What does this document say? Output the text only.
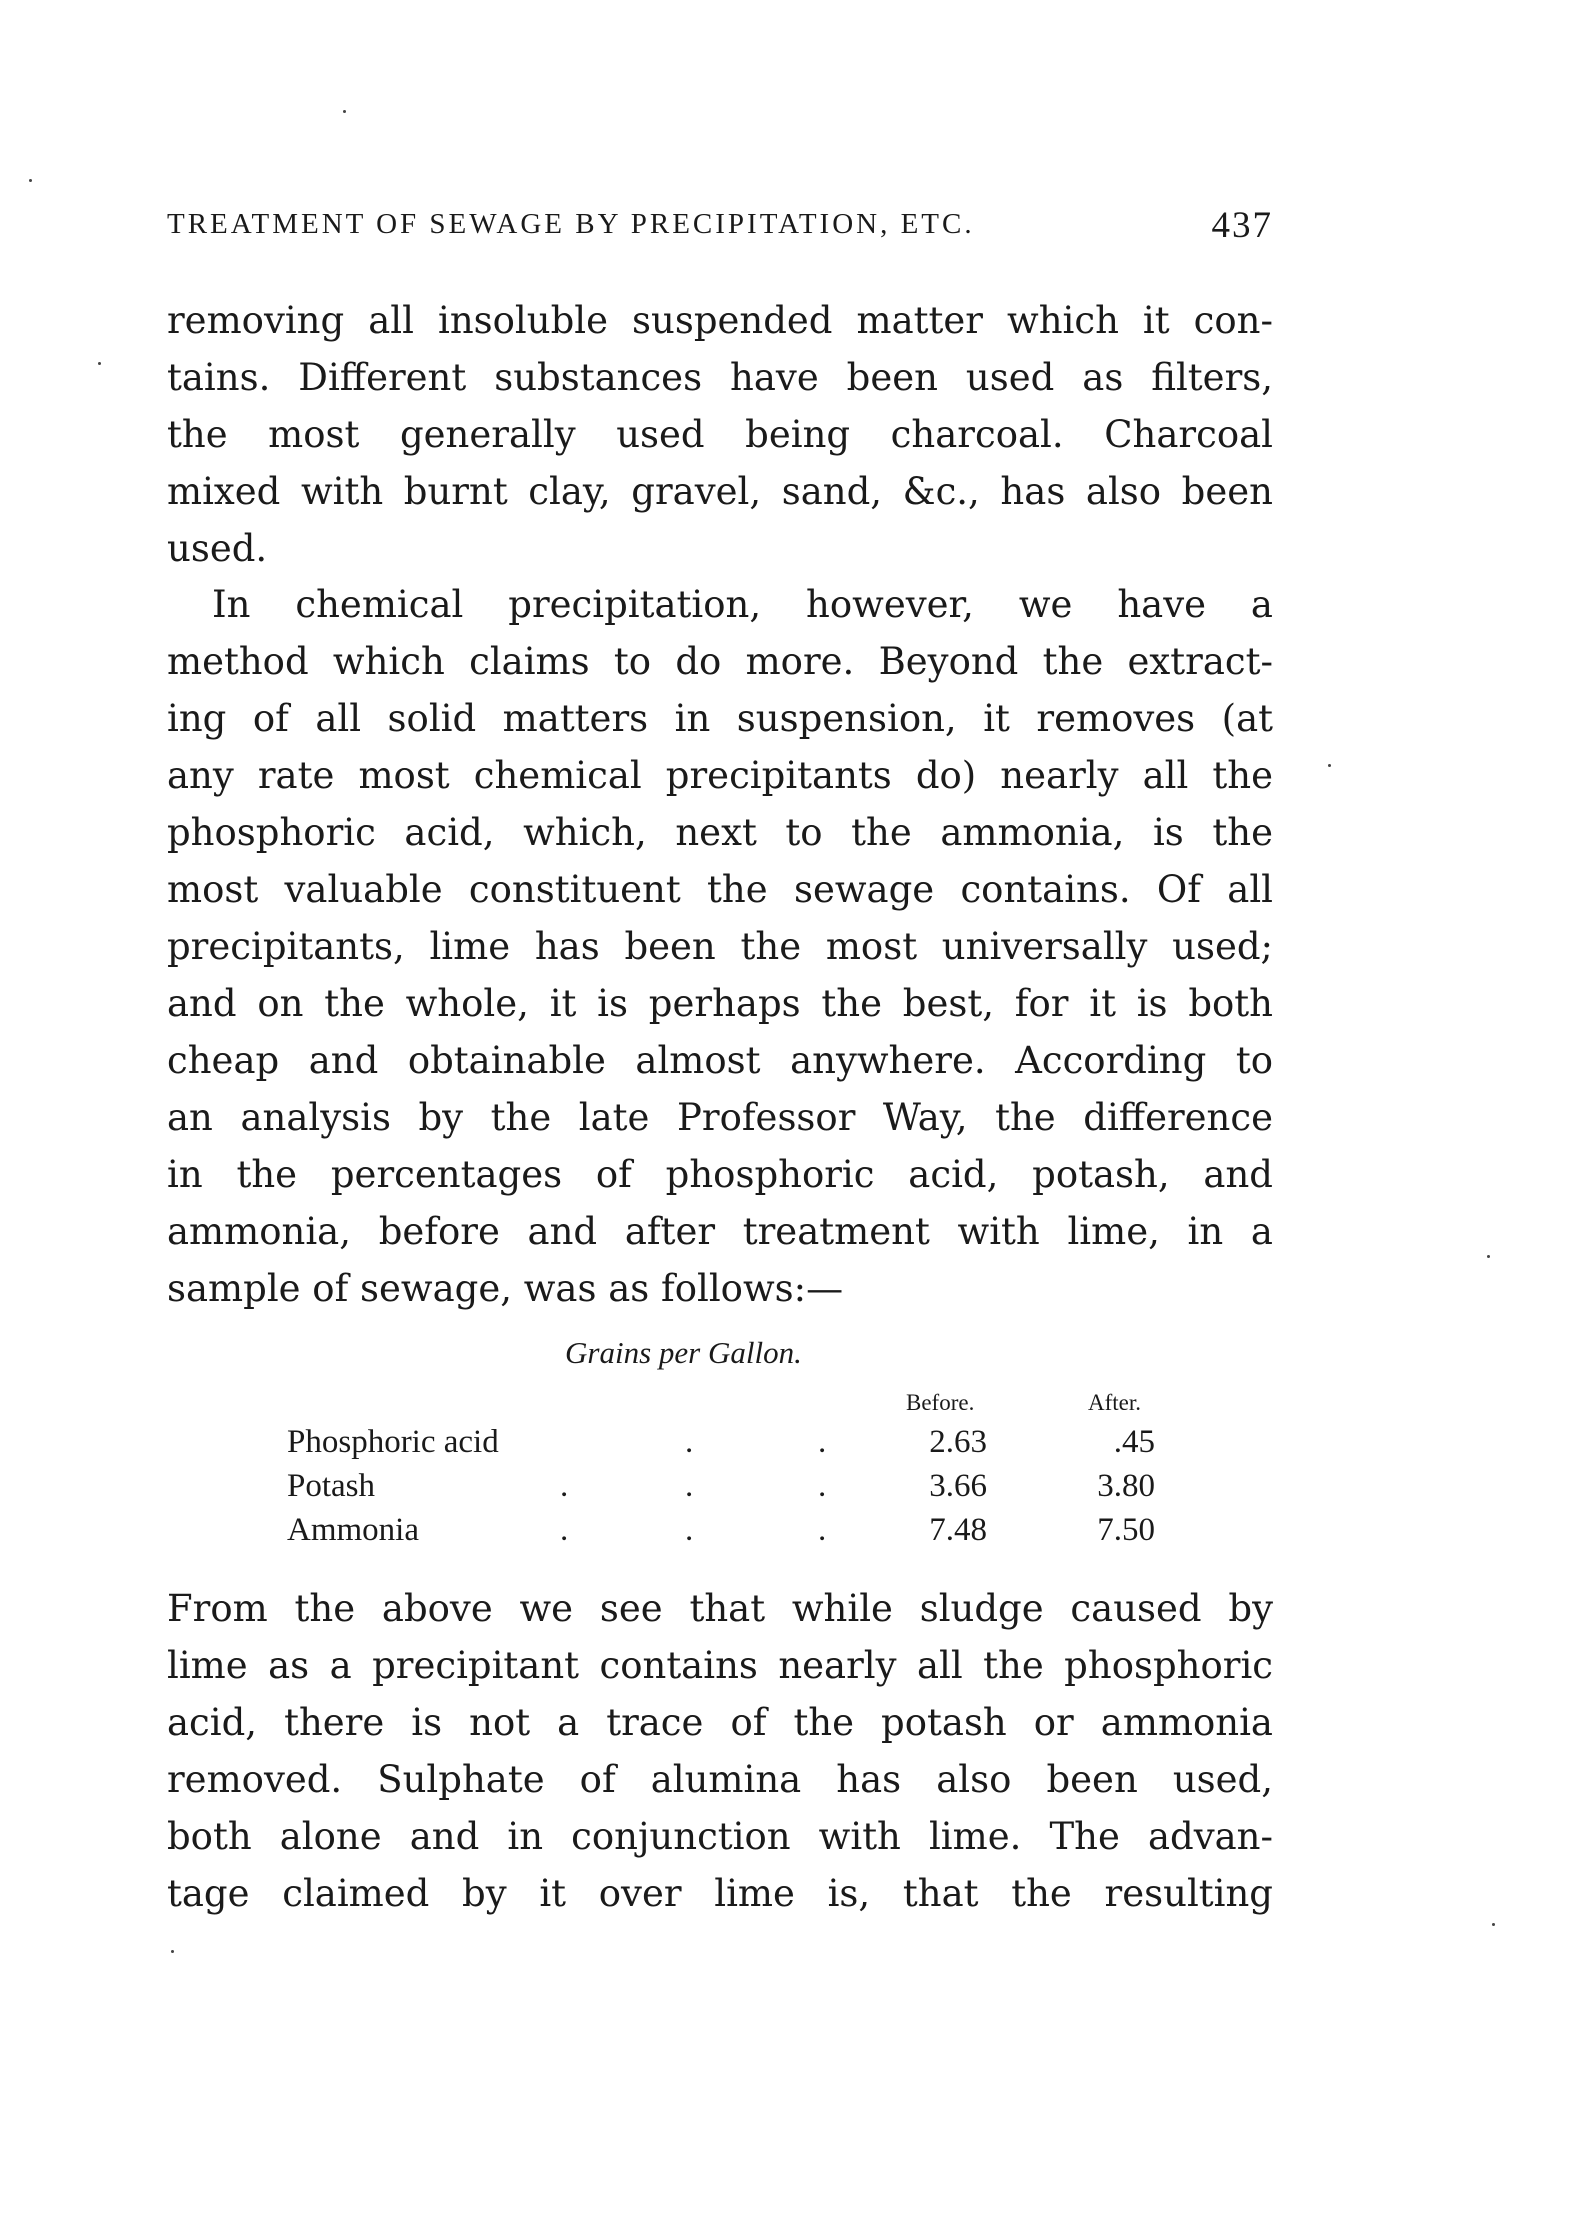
TREATMENT OF SEWAGE BY PRECIPITATION, ETC.	437
removing all insoluble suspended matter which it con-
tains. Different substances have been used as filters,
the most generally used being charcoal. Charcoal
mixed with burnt clay, gravel, sand, &c., has also been
used.
In chemical precipitation, however, we have a
method which claims to do more. Beyond the extract-
ing of all solid matters in suspension, it removes (at
any rate most chemical precipitants do) nearly all the
phosphoric acid, which, next to the ammonia, is the
most valuable constituent the sewage contains. Of all
precipitants, lime has been the most universally used;
and on the whole, it is perhaps the best, for it is both
cheap and obtainable almost anywhere. According to
an analysis by the late Professor Way, the difference
in the percentages of phosphoric acid, potash, and
ammonia, before and after treatment with lime, in a
sample of sewage, was as follows:—
Grains per Gallon.
Before.	After.
Phosphoric acid	.	.	2.63	.45
Potash	.	.	.	3.66	3.80
Ammonia	.	.	.	7.48	7.50
From the above we see that while sludge caused by
lime as a precipitant contains nearly all the phosphoric
acid, there is not a trace of the potash or ammonia
removed. Sulphate of alumina has also been used,
both alone and in conjunction with lime. The advan-
tage claimed by it over lime is, that the resulting
